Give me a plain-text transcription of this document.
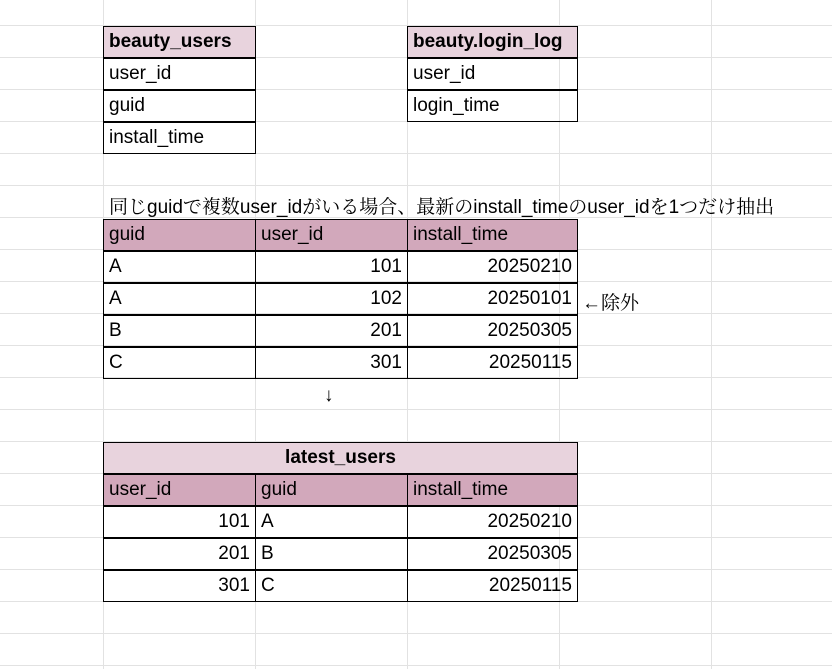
beauty_users
user_id
guid
install_time
beauty.login_log
user_id
login_time
同じguidで複数user_idがいる場合、最新のinstall_timeのuser_idを1つだけ抽出
guid	user_id	install_time
A	101	20250210
A	102	20250101
B	201	20250305
C	301	20250115
←除外
↓
latest_users
user_id	guid	install_time
101 A	20250210
201 B	20250305
301 C	20250115
